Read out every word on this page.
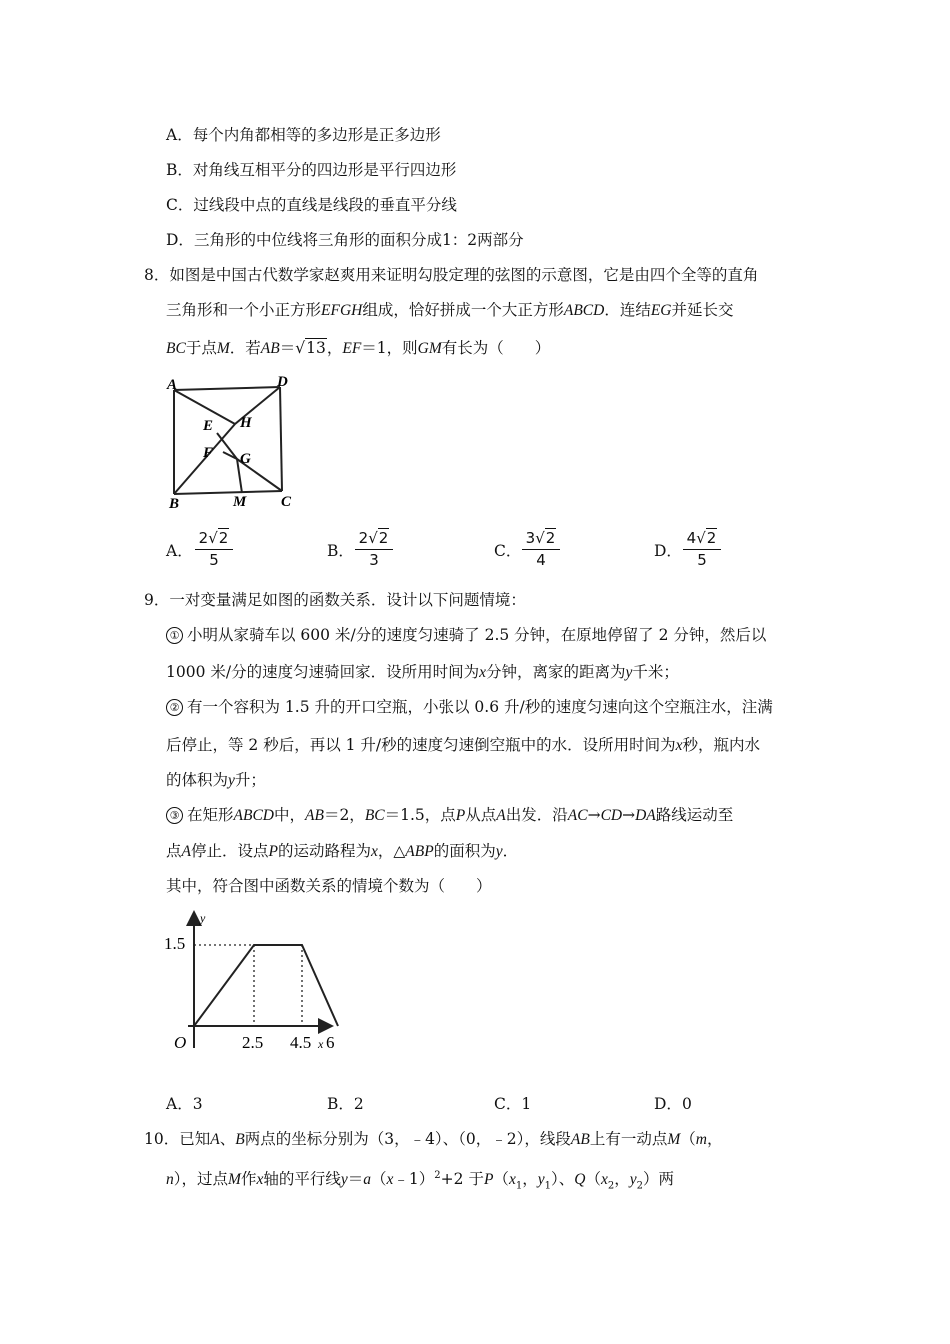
A．每个内角都相等的多边形是正多边形
B．对角线互相平分的四边形是平行四边形
C．过线段中点的直线是线段的垂直平分线
D．三角形的中位线将三角形的面积分成1：2两部分
8．如图是中国古代数学家赵爽用来证明勾股定理的弦图的示意图，它是由四个全等的直角
三角形和一个小正方形EFGH组成，恰好拼成一个大正方形ABCD．连结EG并延长交
BC于点M．若AB＝√13，EF＝1，则GM有长为（　　）
A	D
E H
F G
B	M C
A．
2√2
5	B．
2√2
3	C．
3√2
4	D．
4√2
5
9．一对变量满足如图的函数关系．设计以下问题情境：
① 小明从家骑车以 600 米/分的速度匀速骑了 2.5 分钟，在原地停留了 2 分钟，然后以
1000 米/分的速度匀速骑回家．设所用时间为x分钟，离家的距离为y千米；
② 有一个容积为 1.5 升的开口空瓶，小张以 0.6 升/秒的速度匀速向这个空瓶注水，注满
后停止，等 2 秒后，再以 1 升/秒的速度匀速倒空瓶中的水．设所用时间为x秒，瓶内水
的体积为y升；
③ 在矩形ABCD中，AB＝2，BC＝1.5，点P从点A出发．沿AC→CD→DA路线运动至
点A停止．设点P的运动路程为x，△ABP的面积为y．
其中，符合图中函数关系的情境个数为（　　）
y
x
O
1.5
2.5 4.5 6
A．3	B．2	C．1	D．0
10．已知A、B两点的坐标分别为（3，﹣4）、（0，﹣2），线段AB上有一动点M（m，
n），过点M作x轴的平行线y＝a（x﹣1）$^2$+2 于$P(x_1$，$y_1$）、$Q(x_2$，$y_2$）两
